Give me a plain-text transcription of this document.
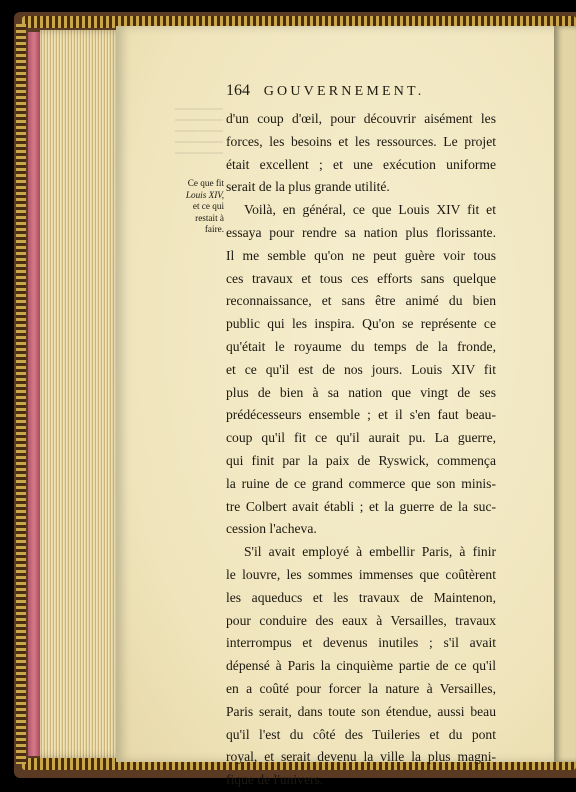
164 GOUVERNEMENT.
Ce que fit
Louis XIV,
et ce qui
restait à
faire.
d'un coup d'œil, pour découvrir aisément les
forces, les besoins et les ressources. Le projet
était excellent ; et une exécution uniforme
serait de la plus grande utilité.
Voilà, en général, ce que Louis XIV fit et
essaya pour rendre sa nation plus florissante.
Il me semble qu'on ne peut guère voir tous
ces travaux et tous ces efforts sans quelque
reconnaissance, et sans être animé du bien
public qui les inspira. Qu'on se représente ce
qu'était le royaume du temps de la fronde,
et ce qu'il est de nos jours. Louis XIV fit
plus de bien à sa nation que vingt de ses
prédécesseurs ensemble ; et il s'en faut beau-
coup qu'il fit ce qu'il aurait pu. La guerre,
qui finit par la paix de Ryswick, commença
la ruine de ce grand commerce que son minis-
tre Colbert avait établi ; et la guerre de la suc-
cession l'acheva.
S'il avait employé à embellir Paris, à finir
le louvre, les sommes immenses que coûtèrent
les aqueducs et les travaux de Maintenon,
pour conduire des eaux à Versailles, travaux
interrompus et devenus inutiles ; s'il avait
dépensé à Paris la cinquième partie de ce qu'il
en a coûté pour forcer la nature à Versailles,
Paris serait, dans toute son étendue, aussi beau
qu'il l'est du côté des Tuileries et du pont
royal, et serait devenu la ville la plus magni-
fique de l'univers.
